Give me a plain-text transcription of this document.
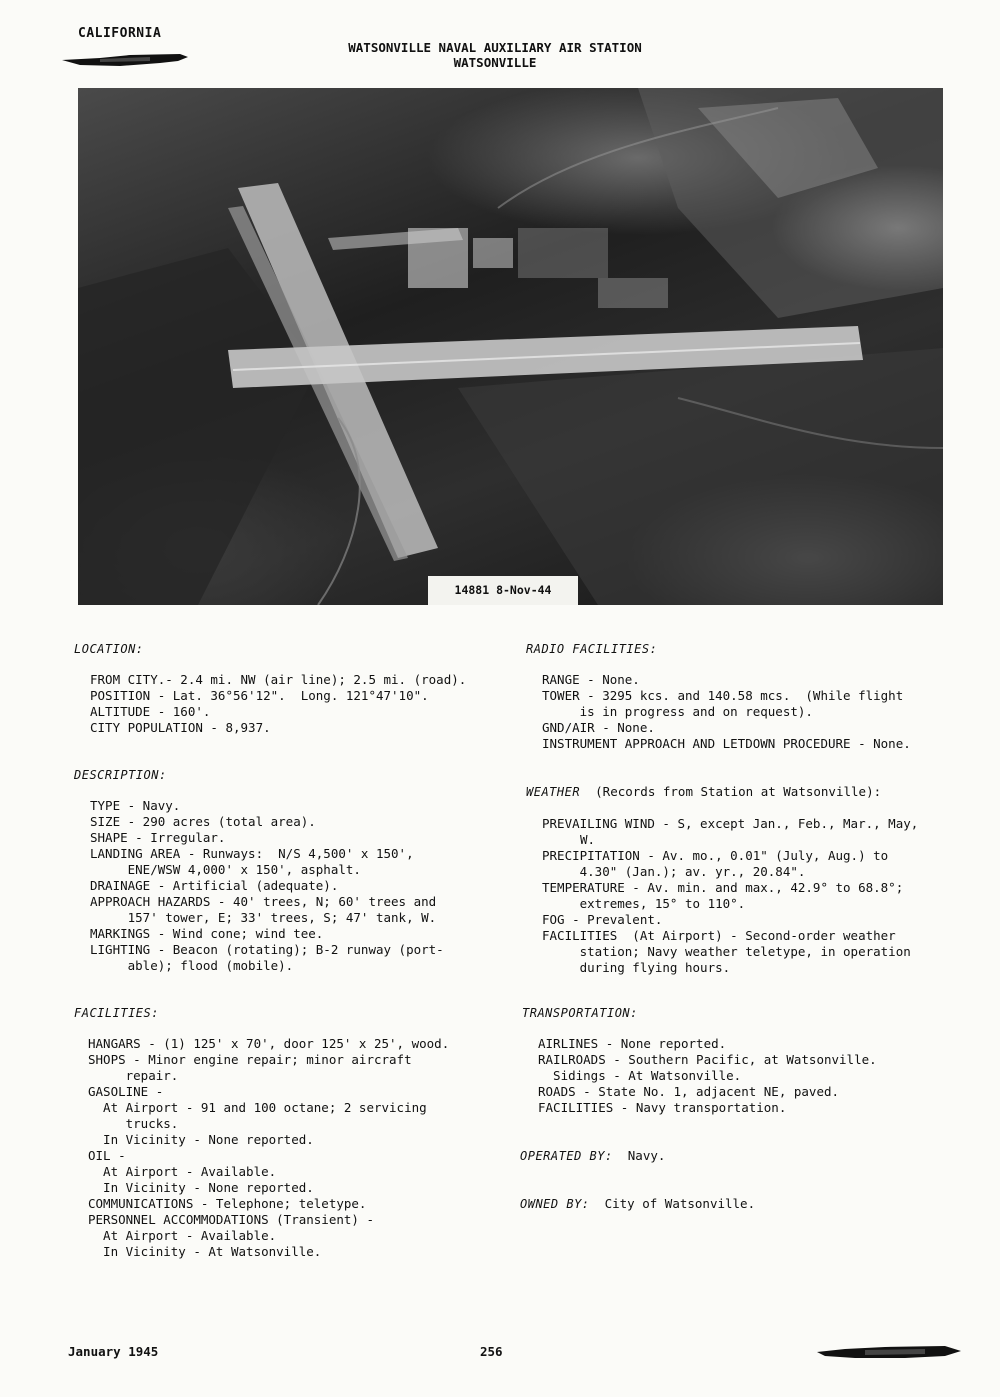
CALIFORNIA
WATSONVILLE NAVAL AUXILIARY AIR STATION
WATSONVILLE
14881 8-Nov-44
LOCATION:
FROM CITY.- 2.4 mi. NW (air line); 2.5 mi. (road).
POSITION - Lat. 36°56'12".  Long. 121°47'10".
ALTITUDE - 160'.
CITY POPULATION - 8,937.
DESCRIPTION:
TYPE - Navy.
SIZE - 290 acres (total area).
SHAPE - Irregular.
LANDING AREA - Runways:  N/S 4,500' x 150',
ENE/WSW 4,000' x 150', asphalt.
DRAINAGE - Artificial (adequate).
APPROACH HAZARDS - 40' trees, N; 60' trees and
157' tower, E; 33' trees, S; 47' tank, W.
MARKINGS - Wind cone; wind tee.
LIGHTING - Beacon (rotating); B-2 runway (port-
able); flood (mobile).
FACILITIES:
HANGARS - (1) 125' x 70', door 125' x 25', wood.
SHOPS - Minor engine repair; minor aircraft
repair.
GASOLINE -
At Airport - 91 and 100 octane; 2 servicing
trucks.
In Vicinity - None reported.
OIL -
At Airport - Available.
In Vicinity - None reported.
COMMUNICATIONS - Telephone; teletype.
PERSONNEL ACCOMMODATIONS (Transient) -
At Airport - Available.
In Vicinity - At Watsonville.
RADIO FACILITIES:
RANGE - None.
TOWER - 3295 kcs. and 140.58 mcs.  (While flight
is in progress and on request).
GND/AIR - None.
INSTRUMENT APPROACH AND LETDOWN PROCEDURE - None.
WEATHER (Records from Station at Watsonville):
PREVAILING WIND - S, except Jan., Feb., Mar., May,
W.
PRECIPITATION - Av. mo., 0.01" (July, Aug.) to
4.30" (Jan.); av. yr., 20.84".
TEMPERATURE - Av. min. and max., 42.9° to 68.8°;
extremes, 15° to 110°.
FOG - Prevalent.
FACILITIES  (At Airport) - Second-order weather
station; Navy weather teletype, in operation
during flying hours.
TRANSPORTATION:
AIRLINES - None reported.
RAILROADS - Southern Pacific, at Watsonville.
Sidings - At Watsonville.
ROADS - State No. 1, adjacent NE, paved.
FACILITIES - Navy transportation.
OPERATED BY: Navy.
OWNED BY: City of Watsonville.
January 1945	256
